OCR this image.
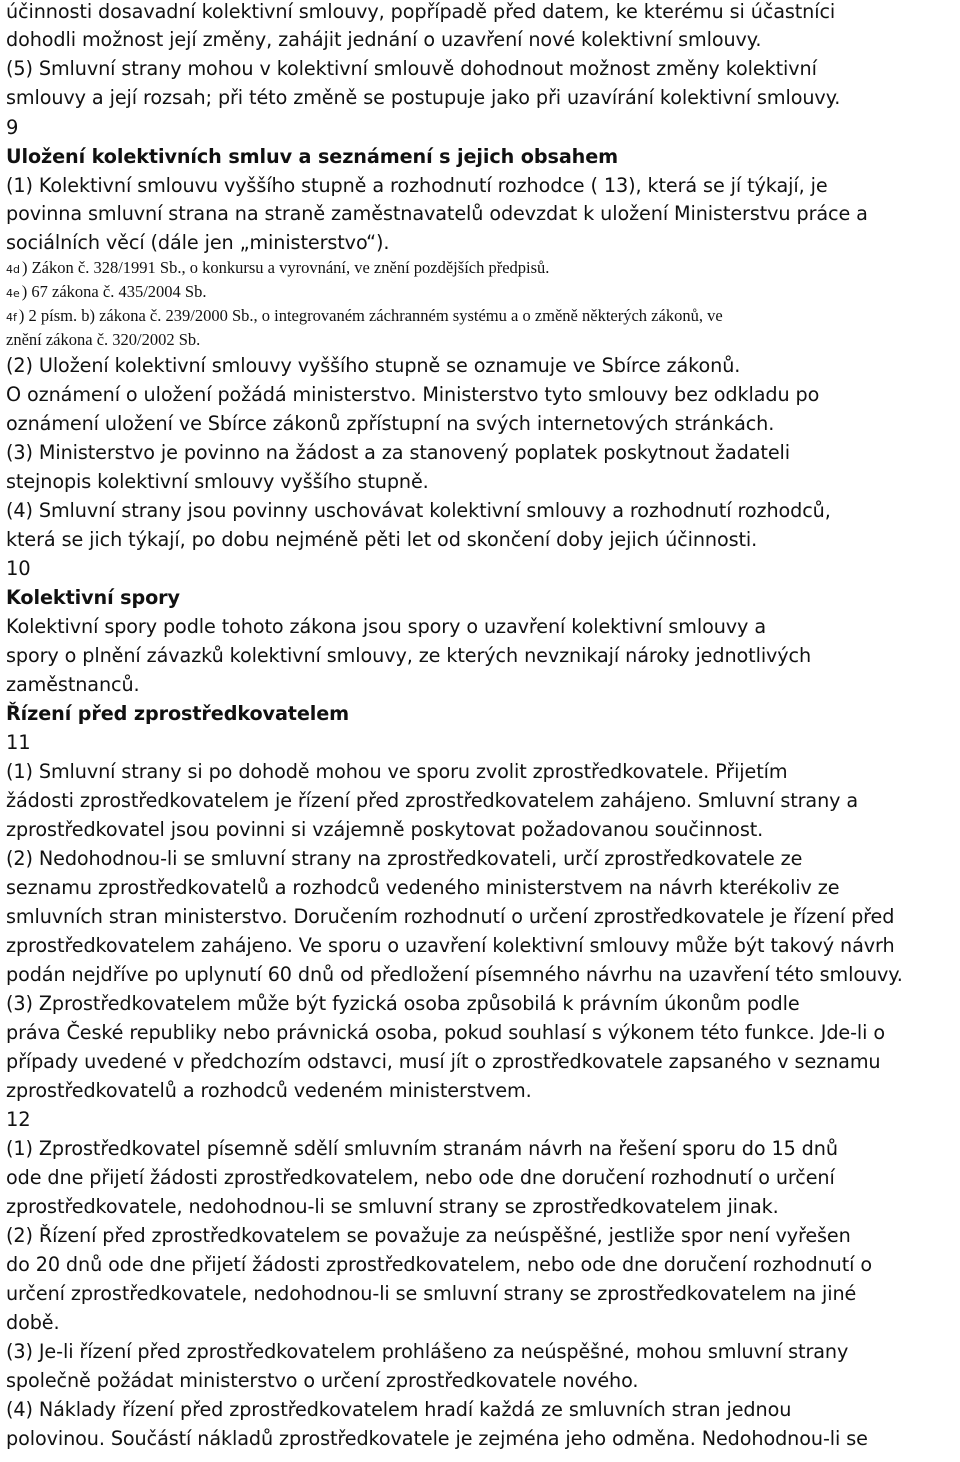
účinnosti dosavadní kolektivní smlouvy, popřípadě před datem, ke kterému si účastníci
dohodli možnost její změny, zahájit jednání o uzavření nové kolektivní smlouvy.
(5) Smluvní strany mohou v kolektivní smlouvě dohodnout možnost změny kolektivní
smlouvy a její rozsah; při této změně se postupuje jako při uzavírání kolektivní smlouvy.
9
Uložení kolektivních smluv a seznámení s jejich obsahem
(1) Kolektivní smlouvu vyššího stupně a rozhodnutí rozhodce ( 13), která se jí týkají, je
povinna smluvní strana na straně zaměstnavatelů odevzdat k uložení Ministerstvu práce a
sociálních věcí (dále jen „ministerstvo“).
4d ) Zákon č. 328/1991 Sb., o konkursu a vyrovnání, ve znění pozdějších předpisů.
4e ) 67 zákona č. 435/2004 Sb.
4f ) 2 písm. b) zákona č. 239/2000 Sb., o integrovaném záchranném systému a o změně některých zákonů, ve
znění zákona č. 320/2002 Sb.
(2) Uložení kolektivní smlouvy vyššího stupně se oznamuje ve Sbírce zákonů.
O oznámení o uložení požádá ministerstvo. Ministerstvo tyto smlouvy bez odkladu po
oznámení uložení ve Sbírce zákonů zpřístupní na svých internetových stránkách.
(3) Ministerstvo je povinno na žádost a za stanovený poplatek poskytnout žadateli
stejnopis kolektivní smlouvy vyššího stupně.
(4) Smluvní strany jsou povinny uschovávat kolektivní smlouvy a rozhodnutí rozhodců,
která se jich týkají, po dobu nejméně pěti let od skončení doby jejich účinnosti.
10
Kolektivní spory
Kolektivní spory podle tohoto zákona jsou spory o uzavření kolektivní smlouvy a
spory o plnění závazků kolektivní smlouvy, ze kterých nevznikají nároky jednotlivých
zaměstnanců.
Řízení před zprostředkovatelem
11
(1) Smluvní strany si po dohodě mohou ve sporu zvolit zprostředkovatele. Přijetím
žádosti zprostředkovatelem je řízení před zprostředkovatelem zahájeno. Smluvní strany a
zprostředkovatel jsou povinni si vzájemně poskytovat požadovanou součinnost.
(2) Nedohodnou-li se smluvní strany na zprostředkovateli, určí zprostředkovatele ze
seznamu zprostředkovatelů a rozhodců vedeného ministerstvem na návrh kterékoliv ze
smluvních stran ministerstvo. Doručením rozhodnutí o určení zprostředkovatele je řízení před
zprostředkovatelem zahájeno. Ve sporu o uzavření kolektivní smlouvy může být takový návrh
podán nejdříve po uplynutí 60 dnů od předložení písemného návrhu na uzavření této smlouvy.
(3) Zprostředkovatelem může být fyzická osoba způsobilá k právním úkonům podle
práva České republiky nebo právnická osoba, pokud souhlasí s výkonem této funkce. Jde-li o
případy uvedené v předchozím odstavci, musí jít o zprostředkovatele zapsaného v seznamu
zprostředkovatelů a rozhodců vedeném ministerstvem.
12
(1) Zprostředkovatel písemně sdělí smluvním stranám návrh na řešení sporu do 15 dnů
ode dne přijetí žádosti zprostředkovatelem, nebo ode dne doručení rozhodnutí o určení
zprostředkovatele, nedohodnou-li se smluvní strany se zprostředkovatelem jinak.
(2) Řízení před zprostředkovatelem se považuje za neúspěšné, jestliže spor není vyřešen
do 20 dnů ode dne přijetí žádosti zprostředkovatelem, nebo ode dne doručení rozhodnutí o
určení zprostředkovatele, nedohodnou-li se smluvní strany se zprostředkovatelem na jiné
době.
(3) Je-li řízení před zprostředkovatelem prohlášeno za neúspěšné, mohou smluvní strany
společně požádat ministerstvo o určení zprostředkovatele nového.
(4) Náklady řízení před zprostředkovatelem hradí každá ze smluvních stran jednou
polovinou. Součástí nákladů zprostředkovatele je zejména jeho odměna. Nedohodnou-li se
